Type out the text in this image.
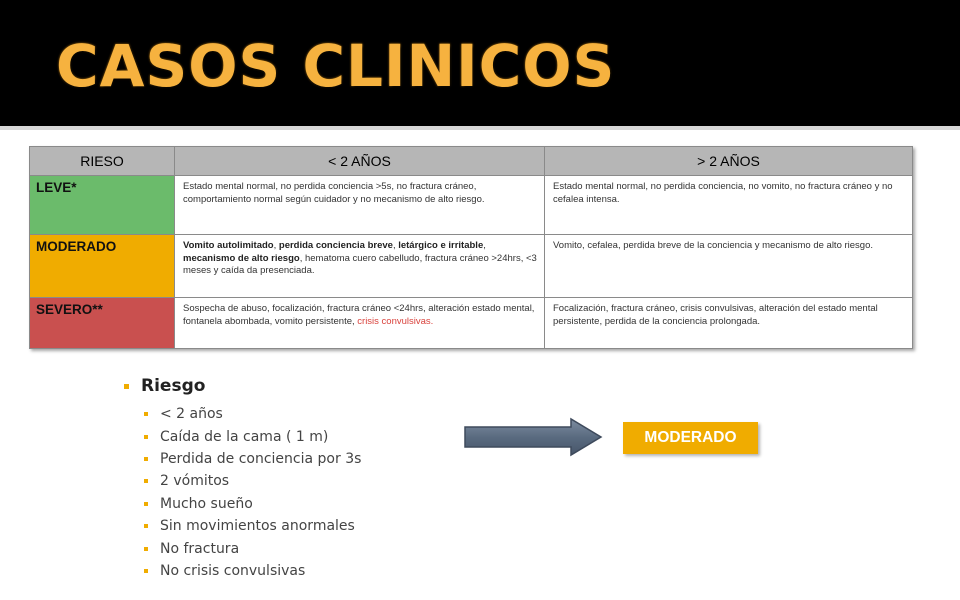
CASOS CLINICOS
RIESO	< 2 AÑOS	> 2 AÑOS
LEVE*	Estado mental normal, no perdida conciencia >5s, no fractura cráneo, comportamiento normal según cuidador y no mecanismo de alto riesgo.	Estado mental normal, no perdida conciencia, no vomito, no fractura cráneo y no cefalea intensa.
MODERADO	Vomito autolimitado, perdida conciencia breve, letárgico e irritable, mecanismo de alto riesgo, hematoma cuero cabelludo, fractura cráneo >24hrs, <3 meses y caída da presenciada.	Vomito, cefalea, perdida breve de la conciencia y mecanismo de alto riesgo.
SEVERO**	Sospecha de abuso, focalización, fractura cráneo <24hrs, alteración estado mental, fontanela abombada, vomito persistente, crisis convulsivas.	Focalización, fractura cráneo, crisis convulsivas, alteración del estado mental persistente, perdida de la conciencia prolongada.
Riesgo
< 2 años
Caída de la cama ( 1 m)
Perdida de conciencia por 3s
2 vómitos
Mucho sueño
Sin movimientos anormales
No fractura
No crisis convulsivas
MODERADO
